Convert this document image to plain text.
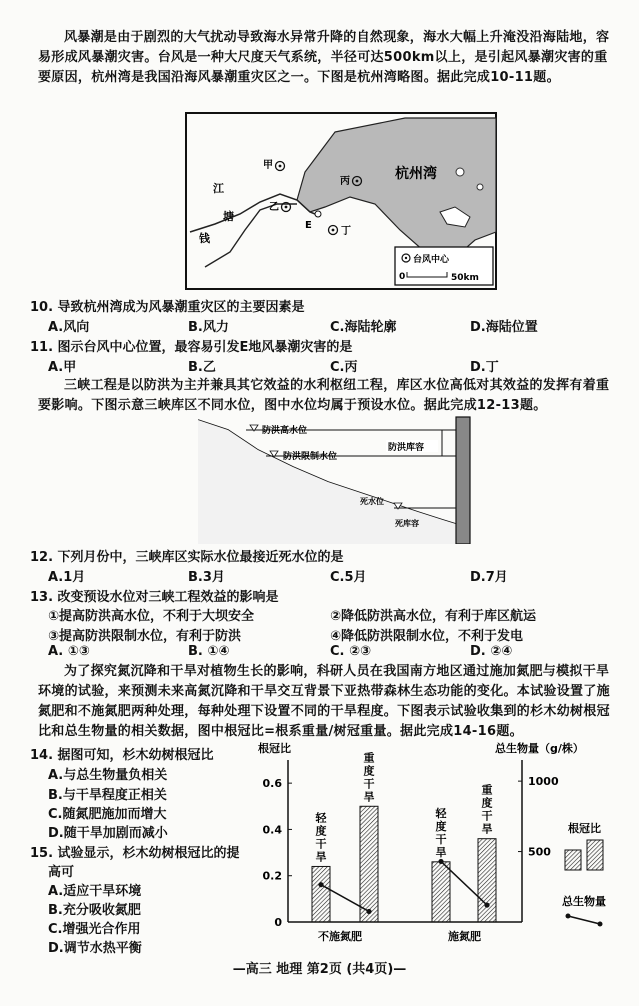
风暴潮是由于剧烈的大气扰动导致海水异常升降的自然现象，海水大幅上升淹没沿海陆地，容易形成风暴潮灾害。台风是一种大尺度天气系统，半径可达500km以上，是引起风暴潮灾害的重要原因，杭州湾是我国沿海风暴潮重灾区之一。下图是杭州湾略图。据此完成10-11题。
杭州湾
江
塘
钱
甲
乙
丙
E
丁
台风中心
0	50km
10. 导致杭州湾成为风暴潮重灾区的主要因素是
A.风向	B.风力	C.海陆轮廓	D.海陆位置
11. 图示台风中心位置，最容易引发E地风暴潮灾害的是
A.甲	B.乙	C.丙	D.丁
三峡工程是以防洪为主并兼具其它效益的水利枢纽工程，库区水位高低对其效益的发挥有着重要影响。下图示意三峡库区不同水位，图中水位均属于预设水位。据此完成12-13题。
防洪高水位
防洪限制水位
防洪库容
死水位
死库容
12. 下列月份中，三峡库区实际水位最接近死水位的是
A.1月	B.3月	C.5月	D.7月
13. 改变预设水位对三峡工程效益的影响是
①提高防洪高水位，不利于大坝安全	②降低防洪高水位，有利于库区航运
③提高防洪限制水位，有利于防洪	④降低防洪限制水位，不利于发电
A. ①③	B. ①④	C. ②③	D. ②④
为了探究氮沉降和干旱对植物生长的影响，科研人员在我国南方地区通过施加氮肥与模拟干旱环境的试验，来预测未来高氮沉降和干旱交互背景下亚热带森林生态功能的变化。本试验设置了施氮肥和不施氮肥两种处理，每种处理下设置不同的干旱程度。下图表示试验收集到的杉木幼树根冠比和总生物量的相关数据，图中根冠比=根系重量/树冠重量。据此完成14-16题。
14. 据图可知，杉木幼树根冠比
A.与总生物量负相关
B.与干旱程度正相关
C.随氮肥施加而增大
D.随干旱加剧而减小
15. 试验显示，杉木幼树根冠比的提
高可
A.适应干旱环境
B.充分吸收氮肥
C.增强光合作用
D.调节水热平衡
根冠比	总生物量（g/株）
0
0.2
0.4
0.6
500
1000
轻
度
干
旱
重
度
干
旱
轻
度
干
旱
重
度
干
旱
不施氮肥	施氮肥
根冠比
总生物量
—高三 地理 第2页 (共4页)—
